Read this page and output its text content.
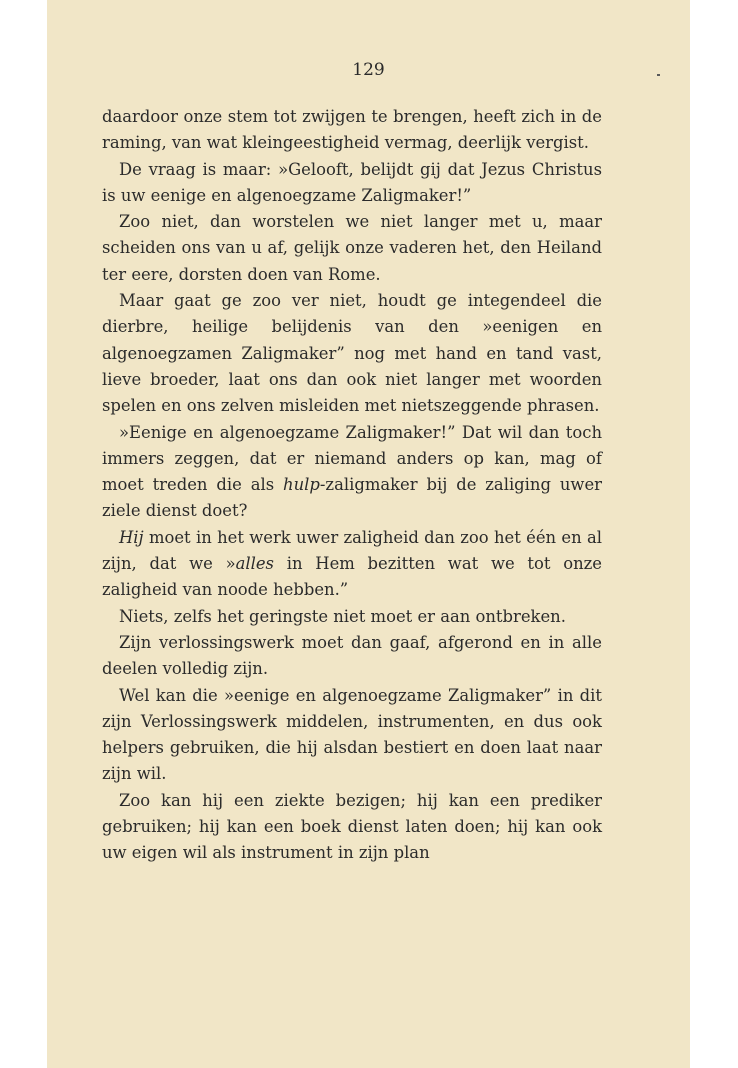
129

daardoor onze stem tot zwijgen te brengen, heeft zich in de raming, van wat kleingeestigheid vermag, deerlijk vergist.

De vraag is maar: »Gelooft, belijdt gij dat Jezus Christus is uw eenige en algenoegzame Zaligmaker!”

Zoo niet, dan worstelen we niet langer met u, maar scheiden ons van u af, gelijk onze vaderen het, den Heiland ter eere, dorsten doen van Rome.

Maar gaat ge zoo ver niet, houdt ge integendeel die dierbre, heilige belijdenis van den »eenigen en algenoegzamen Zaligmaker” nog met hand en tand vast, lieve broeder, laat ons dan ook niet langer met woorden spelen en ons zelven misleiden met nietszeggende phrasen.

»Eenige en algenoegzame Zaligmaker!” Dat wil dan toch immers zeggen, dat er niemand anders op kan, mag of moet treden die als hulp-zaligmaker bij de zaliging uwer ziele dienst doet?

Hij moet in het werk uwer zaligheid dan zoo het één en al zijn, dat we »alles in Hem bezitten wat we tot onze zaligheid van noode hebben.”

Niets, zelfs het geringste niet moet er aan ontbreken.

Zijn verlossingswerk moet dan gaaf, afgerond en in alle deelen volledig zijn.

Wel kan die »eenige en algenoegzame Zaligmaker” in dit zijn Verlossingswerk middelen, instrumenten, en dus ook helpers gebruiken, die hij alsdan bestiert en doen laat naar zijn wil.

Zoo kan hij een ziekte bezigen; hij kan een prediker gebruiken; hij kan een boek dienst laten doen; hij kan ook uw eigen wil als instrument in zijn plan
